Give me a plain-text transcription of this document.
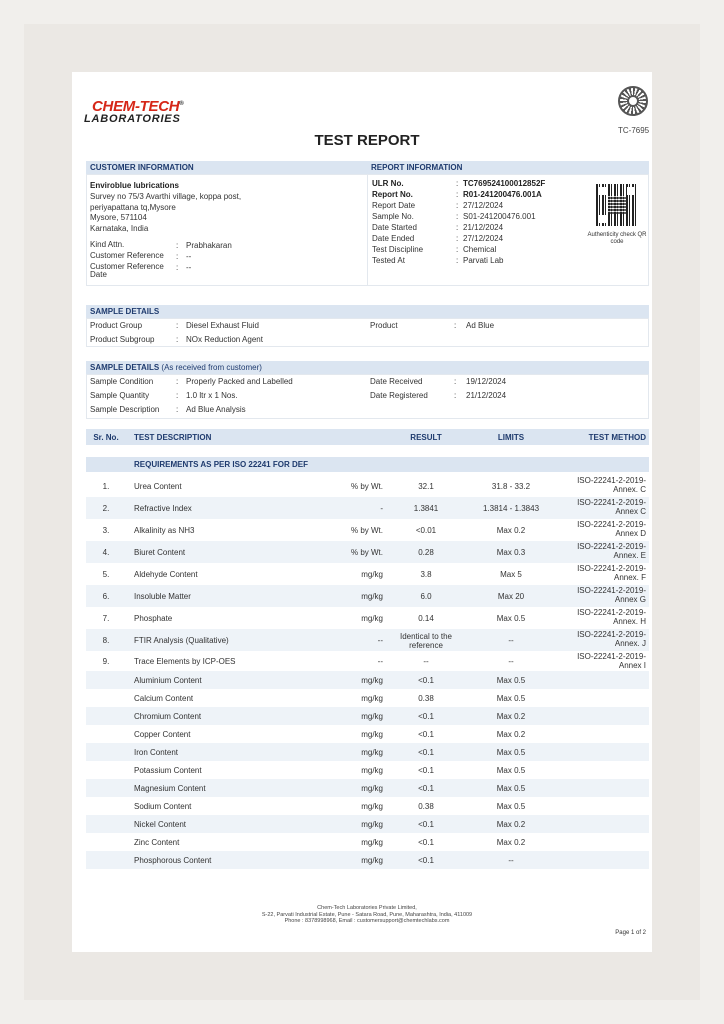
CHEM-TECH®
LABORATORIES
TC-7695
TEST REPORT
CUSTOMER INFORMATION	REPORT INFORMATION
Enviroblue lubrications
Survey no 75/3 Avarthi village, koppa post,
periyapattana tq,Mysore
Mysore, 571104
Karnataka, India
Kind Attn.	: Prabhakaran
Customer Reference	: --
Customer Reference Date
: --
ULR No.	: TC769524100012852F
Report No.	: R01-241200476.001A
Report Date	: 27/12/2024
Sample No.	: S01-241200476.001
Date Started	: 21/12/2024
Date Ended	: 27/12/2024
Test Discipline	: Chemical
Tested At	: Parvati Lab
Authenticity check QR code
SAMPLE DETAILS
Product Group	: Diesel Exhaust Fluid
Product Subgroup	: NOx Reduction Agent
Product	: Ad Blue
SAMPLE DETAILS (As received from customer)
Sample Condition	: Properly Packed and Labelled
Sample Quantity	: 1.0 ltr x 1 Nos.
Sample Description : Ad Blue Analysis
Date Received	: 19/12/2024
Date Registered	: 21/12/2024
Sr. No.	TEST DESCRIPTION	RESULT	LIMITS	TEST METHOD
REQUIREMENTS AS PER ISO 22241 FOR DEF
1.	Urea Content	% by Wt.	32.1	31.8 - 33.2
ISO-22241-2-2019-
Annex. C
2.	Refractive Index	-	1.3841	1.3814 - 1.3843
ISO-22241-2-2019-
Annex C
3.	Alkalinity as NH3	% by Wt.	<0.01	Max 0.2
ISO-22241-2-2019-
Annex D
4.	Biuret Content	% by Wt.	0.28	Max 0.3
ISO-22241-2-2019-
Annex. E
5.	Aldehyde Content	mg/kg	3.8	Max 5
ISO-22241-2-2019-
Annex. F
6.	Insoluble Matter	mg/kg	6.0	Max 20
ISO-22241-2-2019-
Annex G
7.	Phosphate	mg/kg	0.14	Max 0.5
ISO-22241-2-2019-
Annex. H
8.	FTIR Analysis (Qualitative)	--	Identical to the
reference
--
ISO-22241-2-2019-
Annex. J
9.	Trace Elements by ICP-OES	--	--	--	ISO-22241-2-2019-
Annex I
Aluminium Content	mg/kg	<0.1	Max 0.5
Calcium Content	mg/kg	0.38	Max 0.5
Chromium Content	mg/kg	<0.1	Max 0.2
Copper Content	mg/kg	<0.1	Max 0.2
Iron Content	mg/kg	<0.1	Max 0.5
Potassium Content	mg/kg	<0.1	Max 0.5
Magnesium Content	mg/kg	<0.1	Max 0.5
Sodium Content	mg/kg	0.38	Max 0.5
Nickel Content	mg/kg	<0.1	Max 0.2
Zinc Content	mg/kg	<0.1	Max 0.2
Phosphorous Content	mg/kg	<0.1	--
Chem-Tech Laboratories Private Limited,
S-22, Parvati Industrial Estate, Pune - Satara Road, Pune, Maharashtra, India, 411009
Phone : 8378998968, Email : customersupport@chemtechlabs.com
Page 1 of 2
